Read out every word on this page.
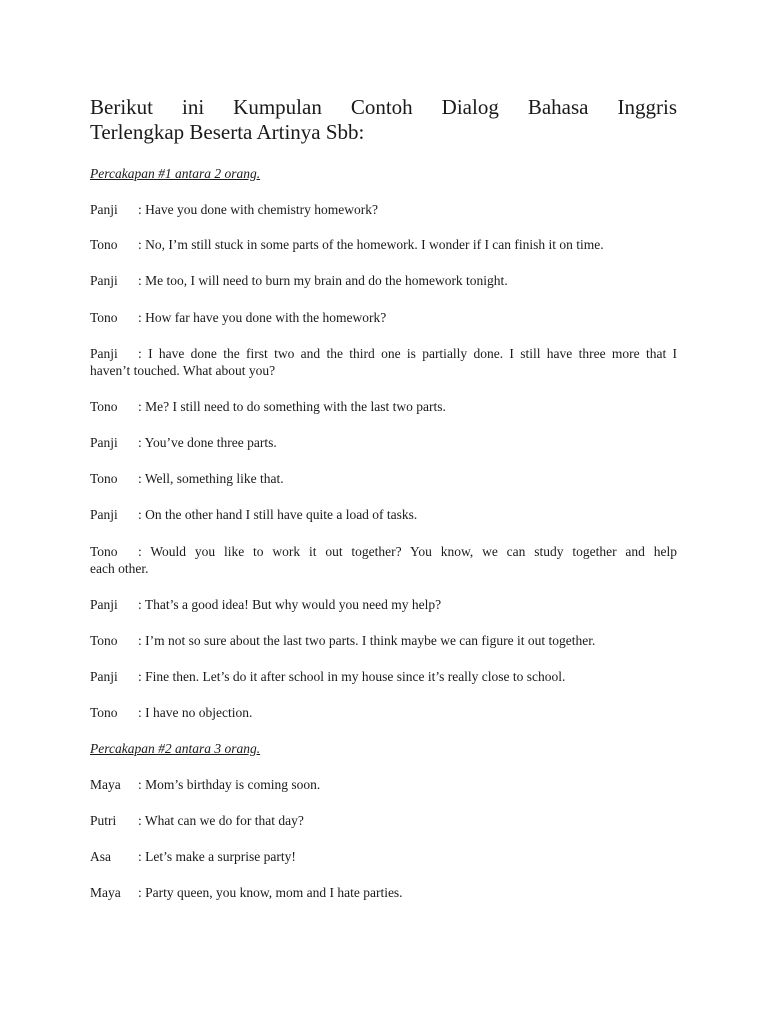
Berikut ini Kumpulan Contoh Dialog Bahasa Inggris
Terlengkap Beserta Artinya Sbb:
Percakapan #1 antara 2 orang.
Panji : Have you done with chemistry homework?
Tono : No, I’m still stuck in some parts of the homework. I wonder if I can finish it on time.
Panji : Me too, I will need to burn my brain and do the homework tonight.
Tono : How far have you done with the homework?
Panji : I have done the first two and the third one is partially done. I still have three more that I
haven’t touched. What about you?
Tono : Me? I still need to do something with the last two parts.
Panji : You’ve done three parts.
Tono : Well, something like that.
Panji : On the other hand I still have quite a load of tasks.
Tono : Would you like to work it out together? You know, we can study together and help
each other.
Panji : That’s a good idea! But why would you need my help?
Tono : I’m not so sure about the last two parts. I think maybe we can figure it out together.
Panji : Fine then. Let’s do it after school in my house since it’s really close to school.
Tono : I have no objection.
Percakapan #2 antara 3 orang.
Maya : Mom’s birthday is coming soon.
Putri : What can we do for that day?
Asa : Let’s make a surprise party!
Maya : Party queen, you know, mom and I hate parties.
